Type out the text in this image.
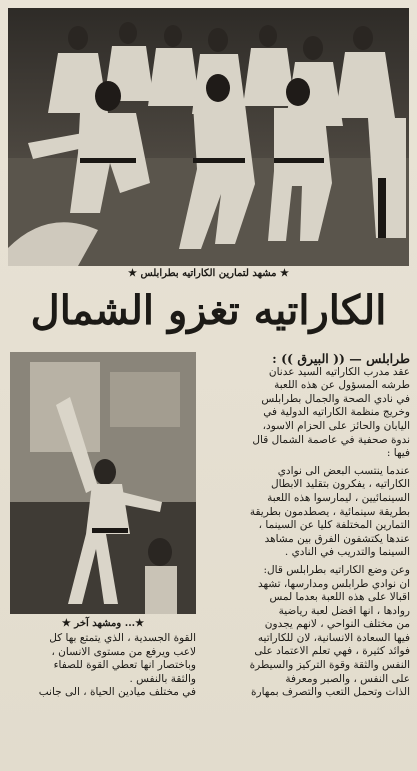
★ مشهد لتمارين الكاراتيه بطرابلس ★
الكاراتيه تغزو الشمال
★... ومشهد آخر ★
طرابلس — (( البيرق )) :
عقد مدرب الكاراتيه السيد عدنان
طرشه المسؤول عن هذه اللعبة
في نادي الصحة والجمال بطرابلس
وخريج منظمة الكاراتيه الدولية في
اليابان والحائز على الحزام الاسود،
ندوة صحفية في عاصمة الشمال قال
فيها :
عندما ينتسب البعض الى نوادي
الكاراتيه ، يفكرون بتقليد الابطال
السينمائيين ، ليمارسوا هذه اللعبة
بطريقة سينمائية ، يصطدمون بطريقة
التمارين المختلفة كليا عن السينما ،
عندها يكتشفون الفرق بين مشاهد
السينما والتدريب في النادي .
وعن وضع الكاراتيه بطرابلس قال:
ان نوادي طرابلس ومدارسها، تشهد
اقبالا على هذه اللعبة بعدما لمس
روادها ، انها افضل لعبة رياضية
من مختلف النواحي ، لانهم يجدون
فيها السعادة الانسانية، لان للكاراتيه
فوائد كثيرة ، فهي تعلم الاعتماد على
النفس والثقة وقوة التركيز والسيطرة
على النفس ، والصبر ومعرفة
الذات وتحمل التعب والتصرف بمهارة
القوة الجسدية ، الذي يتمتع بها كل
لاعب ويرفع من مستوى الانسان ،
وباختصار انها تعطي القوة للصفاء
والثقة بالنفس .
في مختلف ميادين الحياة ، الى جانب
